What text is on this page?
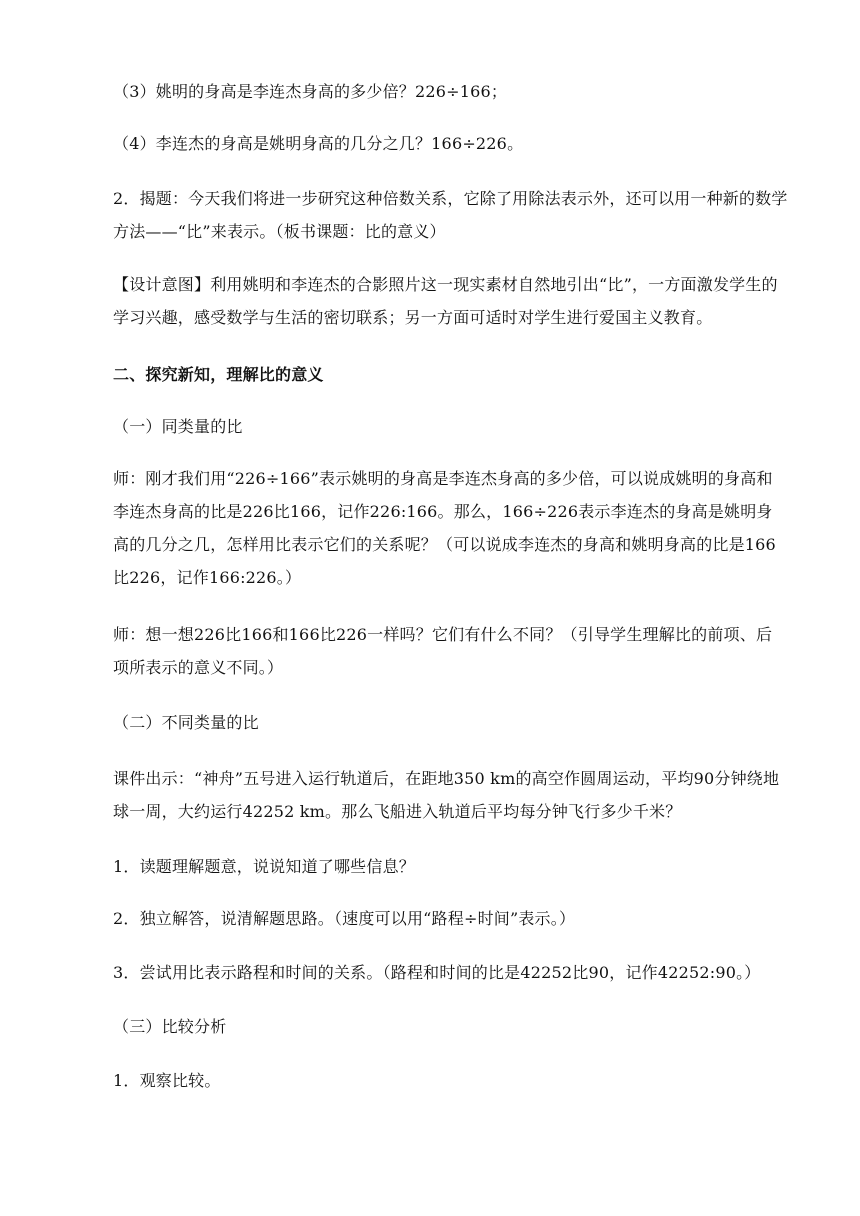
（3）姚明的身高是李连杰身高的多少倍？226÷166；

（4）李连杰的身高是姚明身高的几分之几？166÷226。

2．揭题：今天我们将进一步研究这种倍数关系，它除了用除法表示外，还可以用一种新的数学方法——“比”来表示。（板书课题：比的意义）

【设计意图】利用姚明和李连杰的合影照片这一现实素材自然地引出“比”，一方面激发学生的学习兴趣，感受数学与生活的密切联系；另一方面可适时对学生进行爱国主义教育。

二、探究新知，理解比的意义

（一）同类量的比

师：刚才我们用“226÷166”表示姚明的身高是李连杰身高的多少倍，可以说成姚明的身高和李连杰身高的比是226比166，记作226:166。那么，166÷226表示李连杰的身高是姚明身高的几分之几，怎样用比表示它们的关系呢？（可以说成李连杰的身高和姚明身高的比是166比226，记作166:226。）

师：想一想226比166和166比226一样吗？它们有什么不同？（引导学生理解比的前项、后项所表示的意义不同。）

（二）不同类量的比

课件出示：“神舟”五号进入运行轨道后，在距地350 km的高空作圆周运动，平均90分钟绕地球一周，大约运行42252 km。那么飞船进入轨道后平均每分钟飞行多少千米？

1．读题理解题意，说说知道了哪些信息？

2．独立解答，说清解题思路。（速度可以用“路程÷时间”表示。）

3．尝试用比表示路程和时间的关系。（路程和时间的比是42252比90，记作42252:90。）

（三）比较分析

1．观察比较。
